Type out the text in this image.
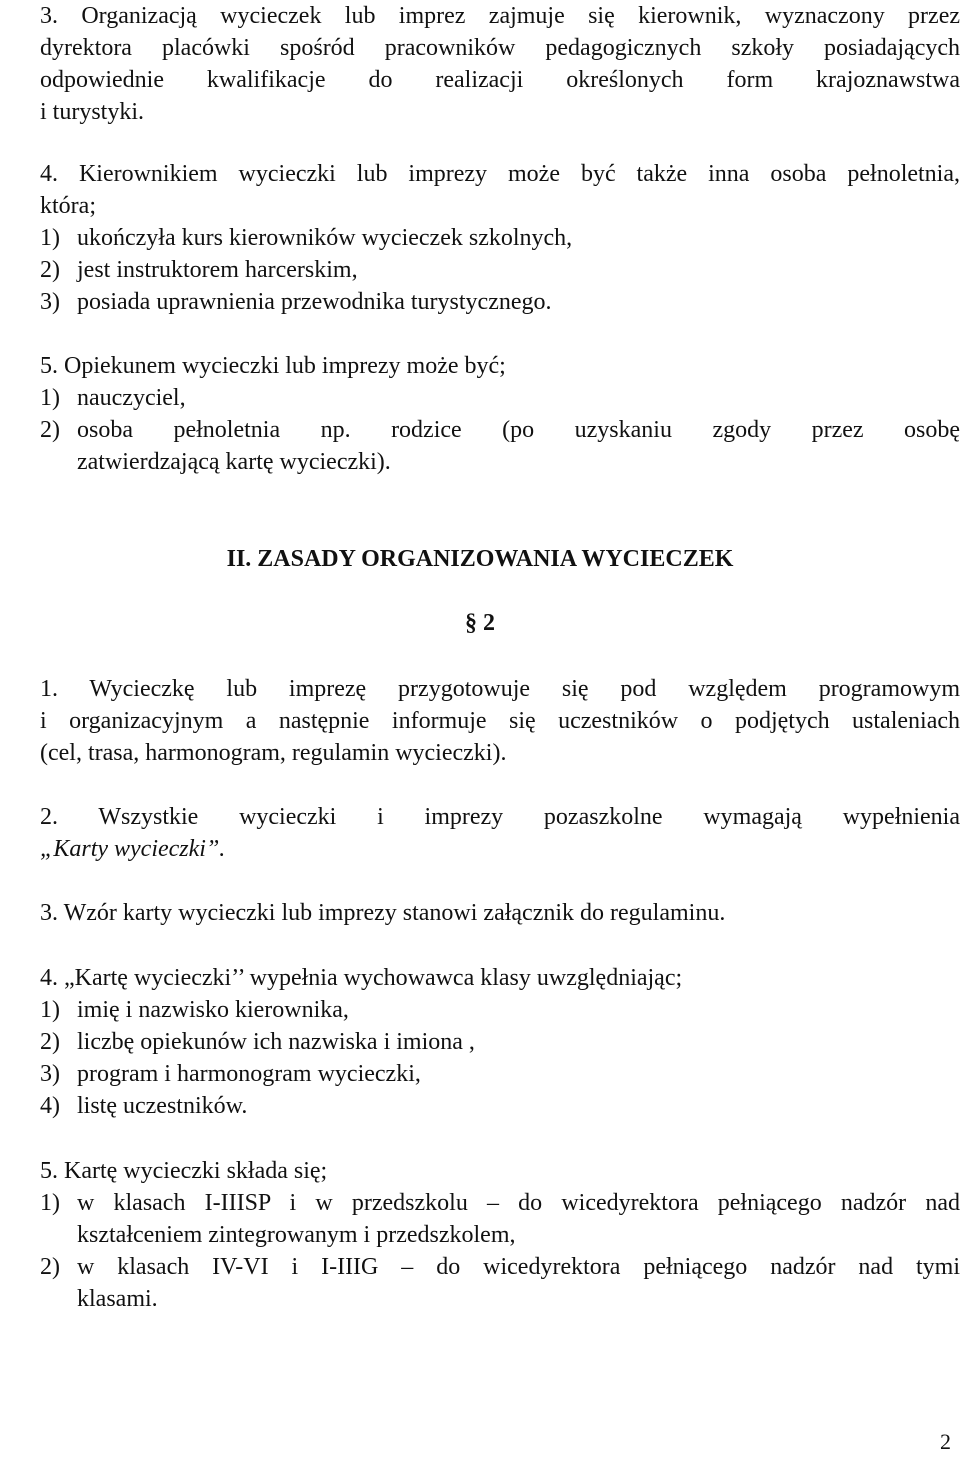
3. Organizacją wycieczek lub imprez zajmuje się kierownik, wyznaczony przez
dyrektora placówki spośród pracowników pedagogicznych szkoły posiadających
odpowiednie kwalifikacje do realizacji określonych form krajoznawstwa
i turystyki.
4. Kierownikiem wycieczki lub imprezy może być także inna osoba pełnoletnia,
która;
1) ukończyła kurs kierowników wycieczek szkolnych,
2) jest instruktorem harcerskim,
3) posiada uprawnienia przewodnika turystycznego.
5. Opiekunem wycieczki lub imprezy może być;
1) nauczyciel,
2) osoba pełnoletnia np. rodzice (po uzyskaniu zgody przez osobę
zatwierdzającą kartę wycieczki).
II. ZASADY ORGANIZOWANIA WYCIECZEK
§ 2
1. Wycieczkę lub imprezę przygotowuje się pod względem programowym
i organizacyjnym a następnie informuje się uczestników o podjętych ustaleniach
(cel, trasa, harmonogram, regulamin wycieczki).
2. Wszystkie wycieczki i imprezy pozaszkolne wymagają wypełnienia
„Karty wycieczki”.
3. Wzór karty wycieczki lub imprezy stanowi załącznik do regulaminu.
4. „Kartę wycieczki’’ wypełnia wychowawca klasy uwzględniając;
1) imię i nazwisko kierownika,
2) liczbę opiekunów ich nazwiska i imiona ,
3) program i harmonogram wycieczki,
4) listę uczestników.
5. Kartę wycieczki składa się;
1) w klasach I-IIISP i w przedszkolu – do wicedyrektora pełniącego nadzór nad
kształceniem zintegrowanym i przedszkolem,
2) w klasach IV-VI i I-IIIG – do wicedyrektora pełniącego nadzór nad tymi
klasami.
2
